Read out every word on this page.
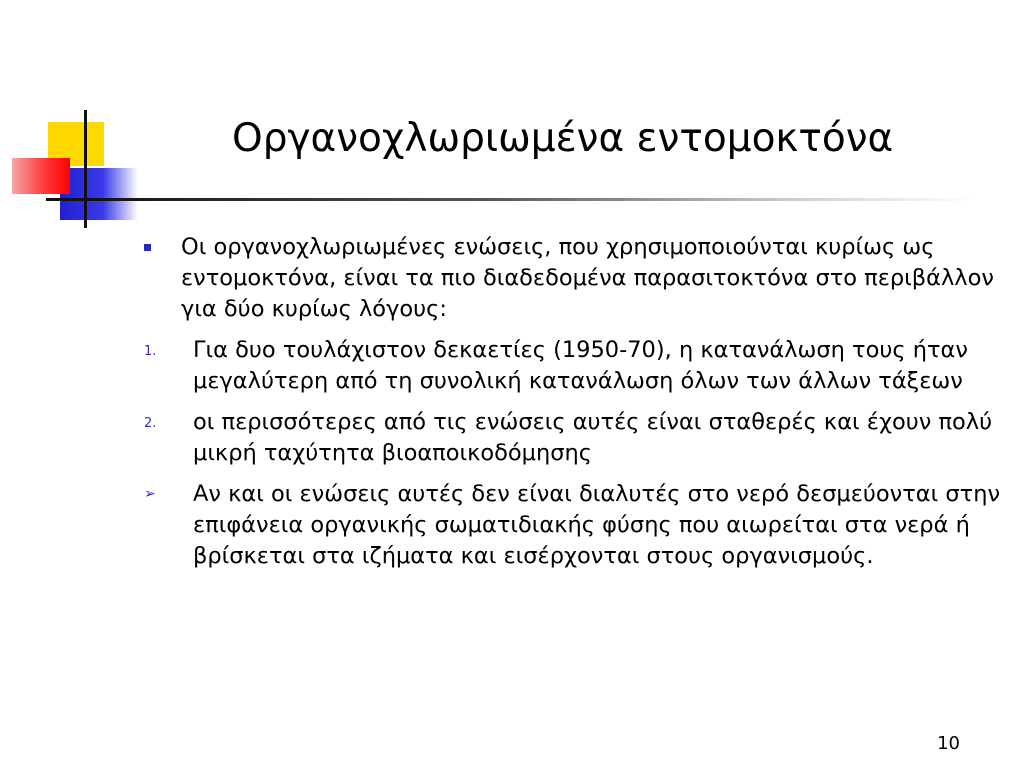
Οργανοχλωριωμένα εντομοκτόνα
Οι οργανοχλωριωμένες ενώσεις, που χρησιμοποιούνται κυρίως ως εντομοκτόνα, είναι τα πιο διαδεδομένα παρασιτοκτόνα στο περιβάλλον για δύο κυρίως λόγους:
1. Για δυο τουλάχιστον δεκαετίες (1950-70), η κατανάλωση τους ήταν μεγαλύτερη από τη συνολική κατανάλωση όλων των άλλων τάξεων
2. οι περισσότερες από τις ενώσεις αυτές είναι σταθερές και έχουν πολύ μικρή ταχύτητα βιοαποικοδόμησης
➢ Αν και οι ενώσεις αυτές δεν είναι διαλυτές στο νερό δεσμεύονται στην επιφάνεια οργανικής σωματιδιακής φύσης που αιωρείται στα νερά ή βρίσκεται στα ιζήματα και εισέρχονται στους οργανισμούς.
10
